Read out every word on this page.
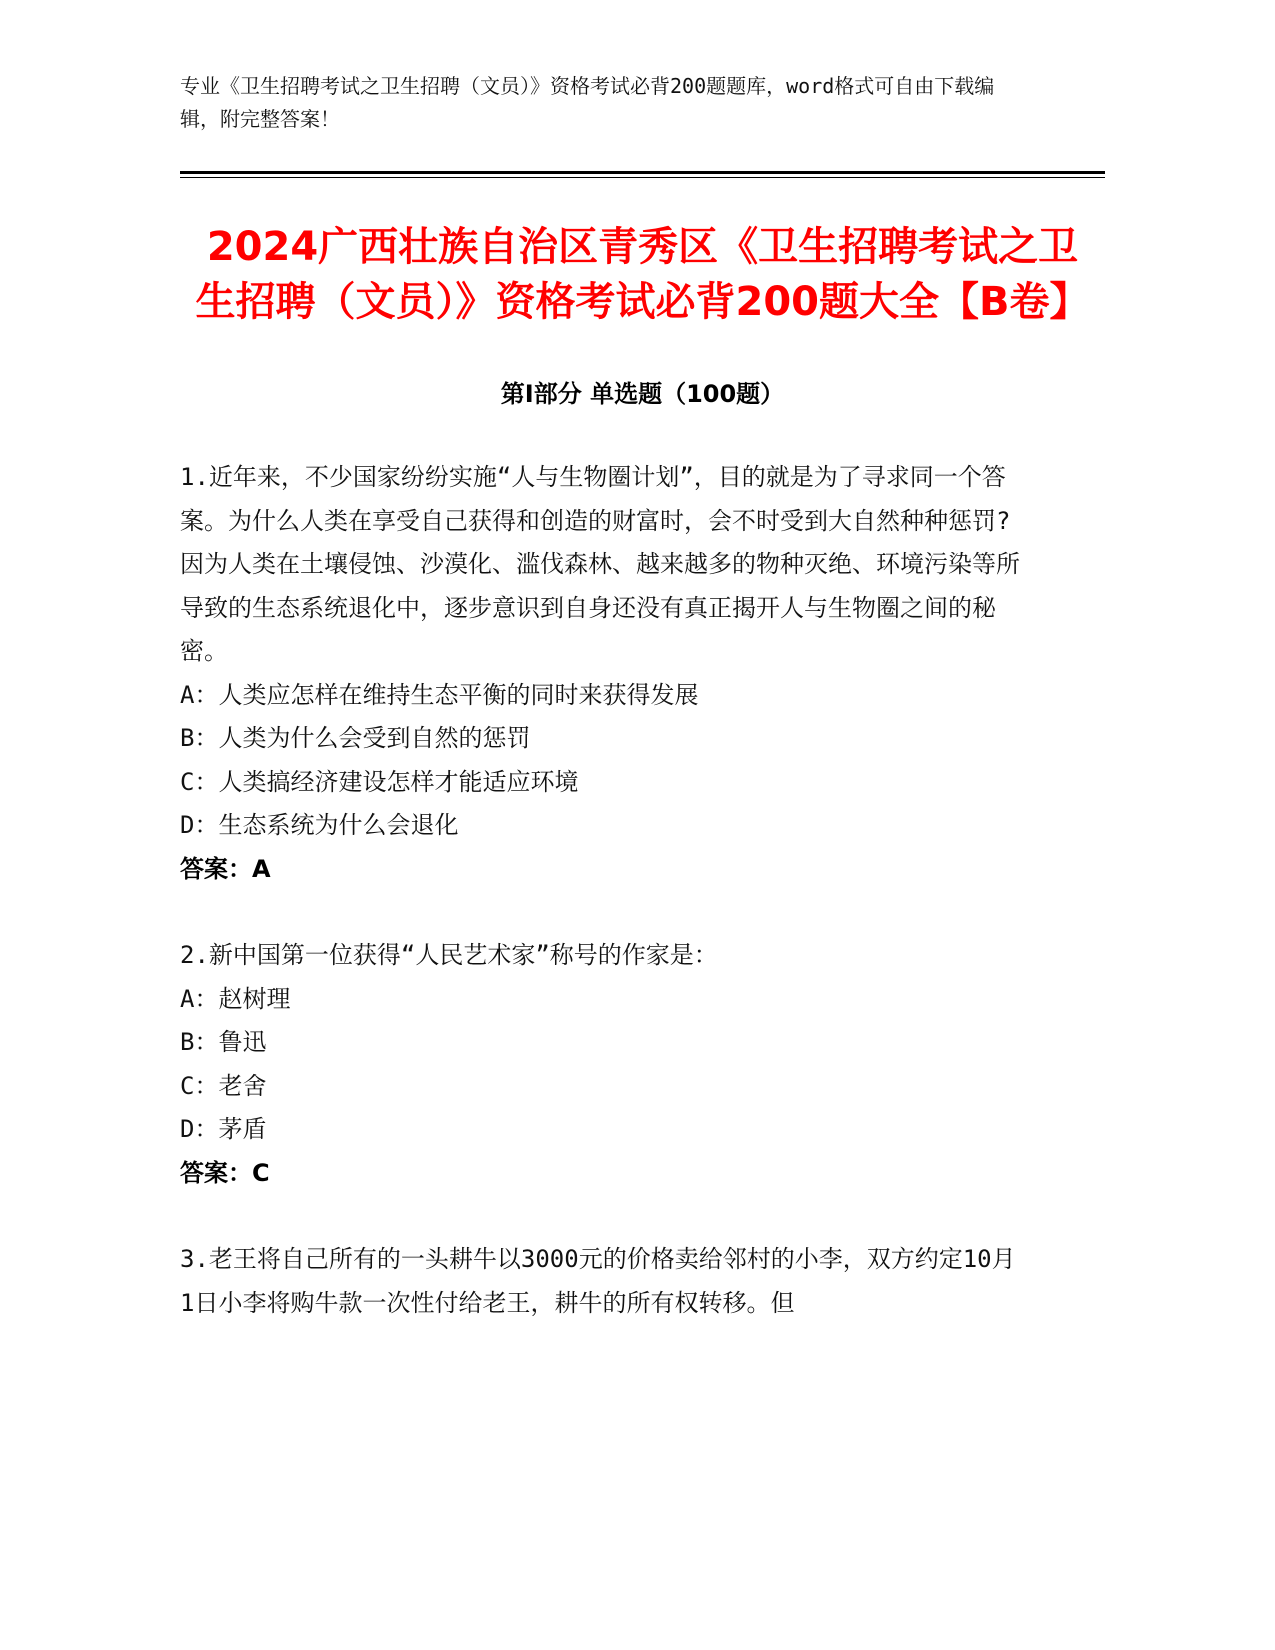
专业《卫生招聘考试之卫生招聘（文员）》资格考试必背200题题库，word格式可自由下载编辑，附完整答案！
2024广西壮族自治区青秀区《卫生招聘考试之卫生招聘（文员）》资格考试必背200题大全【B卷】
第I部分 单选题（100题）
1.近年来，不少国家纷纷实施“人与生物圈计划”，目的就是为了寻求同一个答案。为什么人类在享受自己获得和创造的财富时，会不时受到大自然种种惩罚?因为人类在土壤侵蚀、沙漠化、滥伐森林、越来越多的物种灭绝、环境污染等所导致的生态系统退化中，逐步意识到自身还没有真正揭开人与生物圈之间的秘密。
A：人类应怎样在维持生态平衡的同时来获得发展
B：人类为什么会受到自然的惩罚
C：人类搞经济建设怎样才能适应环境
D：生态系统为什么会退化
答案：A
2.新中国第一位获得“人民艺术家”称号的作家是：
A：赵树理
B：鲁迅
C：老舍
D：茅盾
答案：C
3.老王将自己所有的一头耕牛以3000元的价格卖给邻村的小李，双方约定10月1日小李将购牛款一次性付给老王，耕牛的所有权转移。但
